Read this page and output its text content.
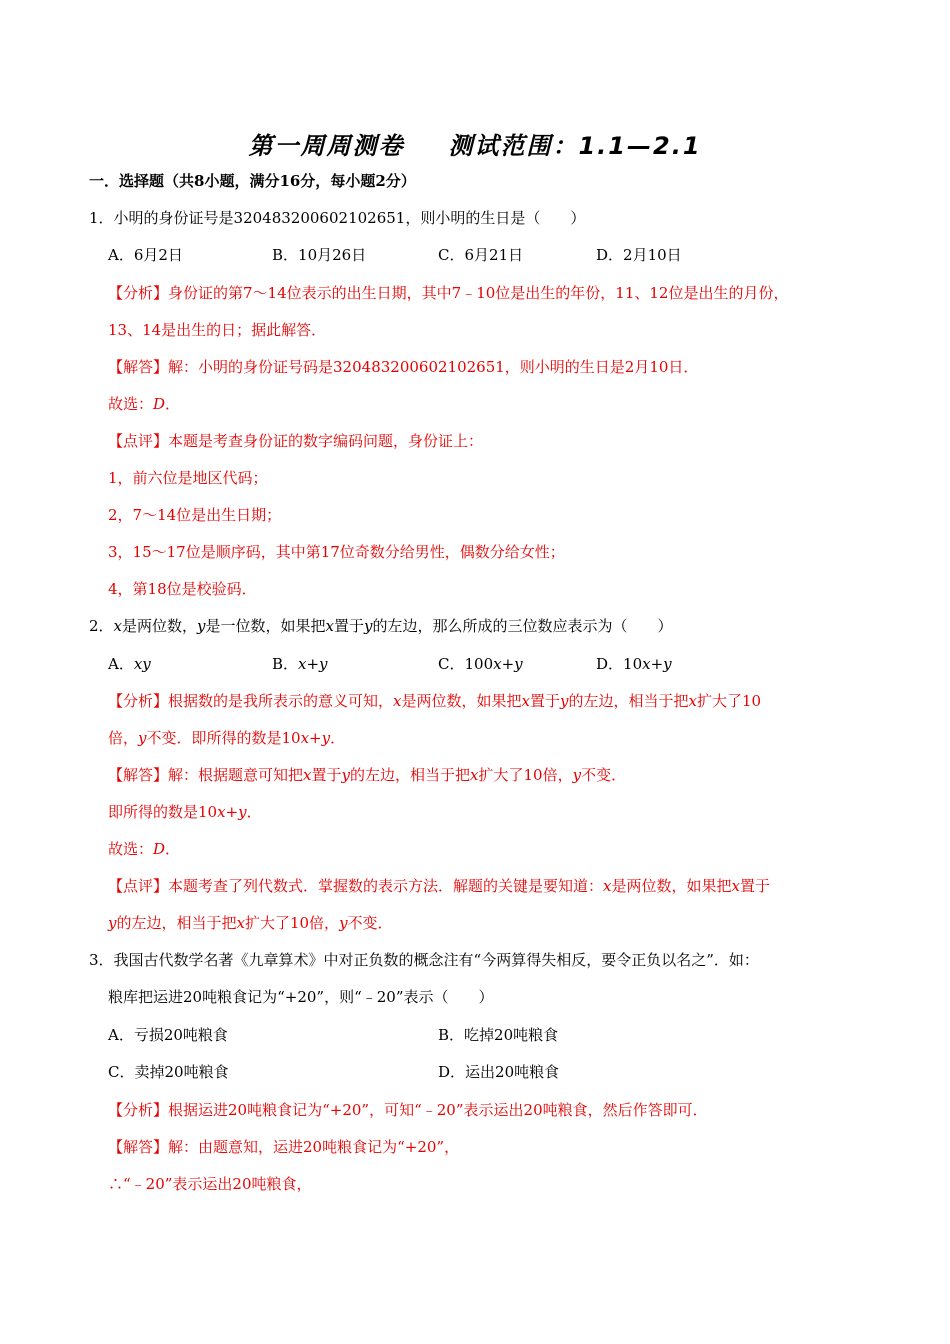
第一周周测卷 测试范围：1.1—2.1
一．选择题（共8小题，满分16分，每小题2分）
1．小明的身份证号是320483200602102651，则小明的生日是（　　）
A．6月2日	B．10月26日	C．6月21日	D．2月10日
【分析】身份证的第7～14位表示的出生日期，其中7﹣10位是出生的年份，11、12位是出生的月份，
13、14是出生的日；据此解答．
【解答】解：小明的身份证号码是320483200602102651，则小明的生日是2月10日．
故选：D．
【点评】本题是考查身份证的数字编码问题，身份证上：
1，前六位是地区代码；
2，7～14位是出生日期；
3，15～17位是顺序码，其中第17位奇数分给男性，偶数分给女性；
4，第18位是校验码．
2．x是两位数，y是一位数，如果把x置于y的左边，那么所成的三位数应表示为（　　）
A．xy	B．x+y	C．100x+y	D．10x+y
【分析】根据数的是我所表示的意义可知，x是两位数，如果把x置于y的左边，相当于把x扩大了10
倍，y不变．即所得的数是10x+y．
【解答】解：根据题意可知把x置于y的左边，相当于把x扩大了10倍，y不变．
即所得的数是10x+y．
故选：D．
【点评】本题考查了列代数式．掌握数的表示方法．解题的关键是要知道：x是两位数，如果把x置于
y的左边，相当于把x扩大了10倍，y不变．
3．我国古代数学名著《九章算术》中对正负数的概念注有“今两算得失相反，要令正负以名之”．如：
粮库把运进20吨粮食记为“+20”，则“﹣20”表示（　　）
A．亏损20吨粮食	B．吃掉20吨粮食
C．卖掉20吨粮食	D．运出20吨粮食
【分析】根据运进20吨粮食记为“+20”，可知“﹣20”表示运出20吨粮食，然后作答即可．
【解答】解：由题意知，运进20吨粮食记为“+20”，
∴“﹣20”表示运出20吨粮食，
